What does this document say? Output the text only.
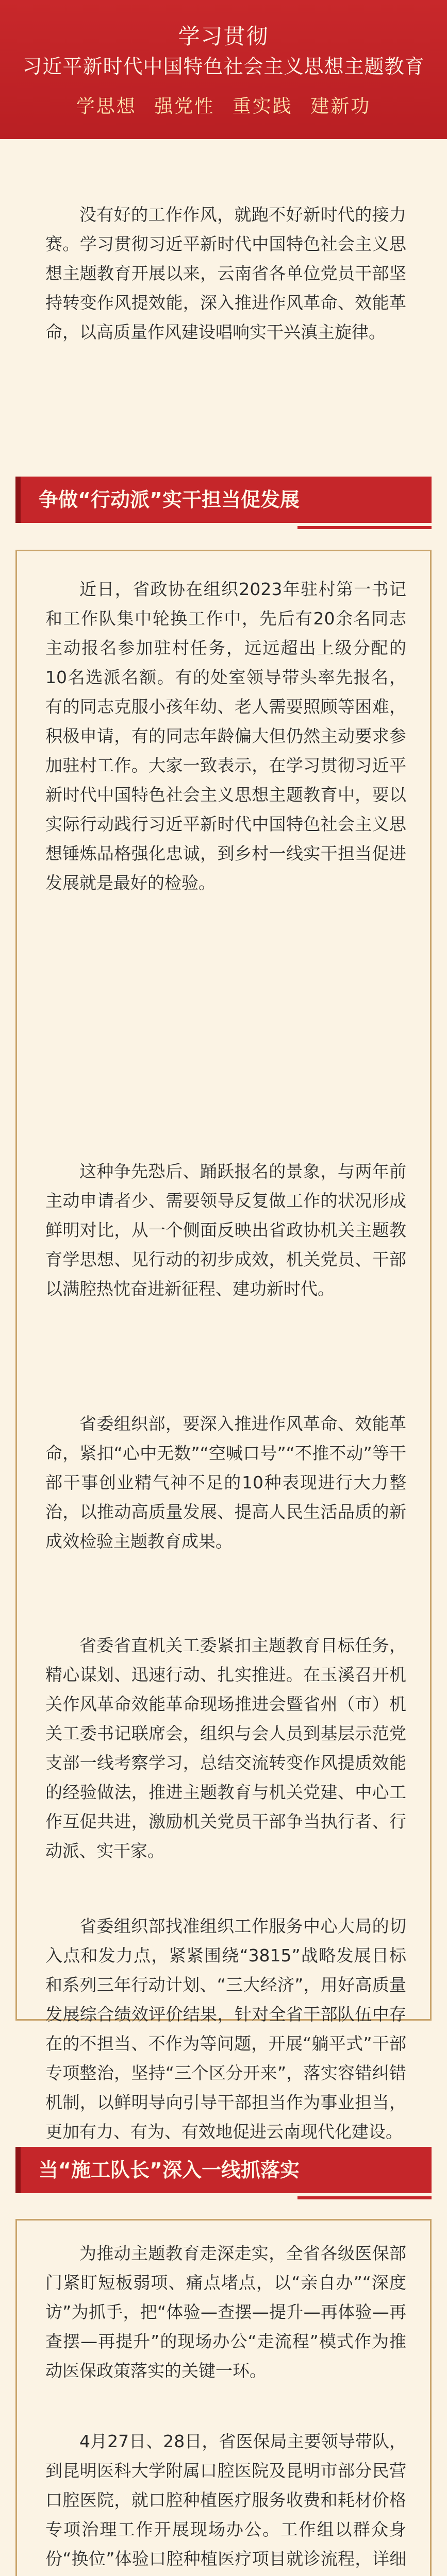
学习贯彻
习近平新时代中国特色社会主义思想主题教育
学思想 强党性 重实践 建新功

没有好的工作作风，就跑不好新时代的接力赛。学习贯彻习近平新时代中国特色社会主义思想主题教育开展以来，云南省各单位党员干部坚持转变作风提效能，深入推进作风革命、效能革命，以高质量作风建设唱响实干兴滇主旋律。

争做“行动派”实干担当促发展

近日，省政协在组织2023年驻村第一书记和工作队集中轮换工作中，先后有20余名同志主动报名参加驻村任务，远远超出上级分配的10名选派名额。有的处室领导带头率先报名，有的同志克服小孩年幼、老人需要照顾等困难，积极申请，有的同志年龄偏大但仍然主动要求参加驻村工作。大家一致表示，在学习贯彻习近平新时代中国特色社会主义思想主题教育中，要以实际行动践行习近平新时代中国特色社会主义思想锤炼品格强化忠诚，到乡村一线实干担当促进发展就是最好的检验。

这种争先恐后、踊跃报名的景象，与两年前主动申请者少、需要领导反复做工作的状况形成鲜明对比，从一个侧面反映出省政协机关主题教育学思想、见行动的初步成效，机关党员、干部以满腔热忱奋进新征程、建功新时代。

省委组织部，要深入推进作风革命、效能革命，紧扣“心中无数”“空喊口号”“不推不动”等干部干事创业精气神不足的10种表现进行大力整治，以推动高质量发展、提高人民生活品质的新成效检验主题教育成果。

省委省直机关工委紧扣主题教育目标任务，精心谋划、迅速行动、扎实推进。在玉溪召开机关作风革命效能革命现场推进会暨省州（市）机关工委书记联席会，组织与会人员到基层示范党支部一线考察学习，总结交流转变作风提质效能的经验做法，推进主题教育与机关党建、中心工作互促共进，激励机关党员干部争当执行者、行动派、实干家。

省委组织部找准组织工作服务中心大局的切入点和发力点，紧紧围绕“3815”战略发展目标和系列三年行动计划、“三大经济”，用好高质量发展综合绩效评价结果，针对全省干部队伍中存在的不担当、不作为等问题，开展“躺平式”干部专项整治，坚持“三个区分开来”，落实容错纠错机制，以鲜明导向引导干部担当作为事业担当，更加有力、有为、有效地促进云南现代化建设。

当“施工队长”深入一线抓落实

为推动主题教育走深走实，全省各级医保部门紧盯短板弱项、痛点堵点，以“亲自办”“深度访”为抓手，把“体验—查摆—提升—再体验—再查摆—再提升”的现场办公“走流程”模式作为推动医保政策落实的关键一环。

4月27日、28日，省医保局主要领导带队，到昆明医科大学附属口腔医院及昆明市部分民营口腔医院，就口腔种植医疗服务收费和耗材价格专项治理工作开展现场办公。工作组以群众身份“换位”体验口腔种植医疗项目就诊流程，详细
